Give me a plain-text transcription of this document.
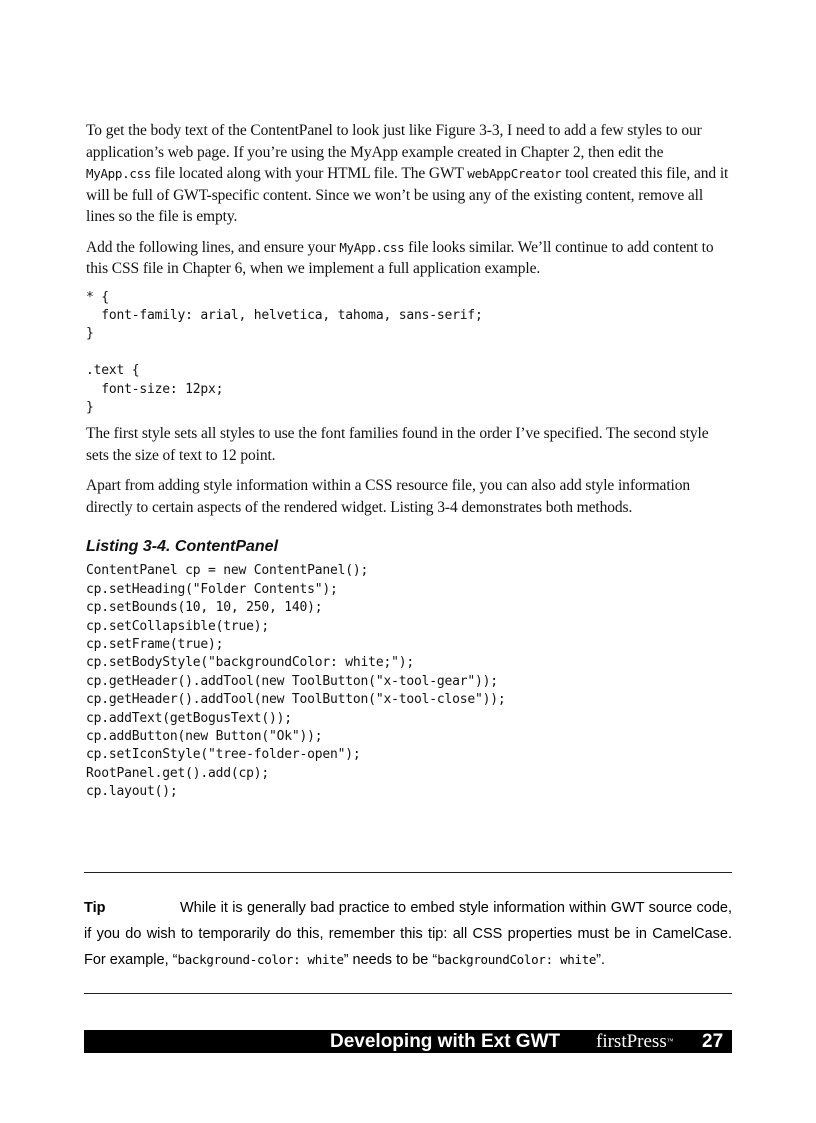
To get the body text of the ContentPanel to look just like Figure 3-3, I need to add a few styles to our application’s web page. If you’re using the MyApp example created in Chapter 2, then edit the MyApp.css file located along with your HTML file. The GWT webAppCreator tool created this file, and it will be full of GWT-specific content. Since we won’t be using any of the existing content, remove all lines so the file is empty.

Add the following lines, and ensure your MyApp.css file looks similar. We’ll continue to add content to this CSS file in Chapter 6, when we implement a full application example.

* {
font-family: arial, helvetica, tahoma, sans-serif;
}

.text {
font-size: 12px;
}

The first style sets all styles to use the font families found in the order I’ve specified. The second style sets the size of text to 12 point.

Apart from adding style information within a CSS resource file, you can also add style information directly to certain aspects of the rendered widget. Listing 3-4 demonstrates both methods.

Listing 3-4. ContentPanel
ContentPanel cp = new ContentPanel();
cp.setHeading("Folder Contents");
cp.setBounds(10, 10, 250, 140);
cp.setCollapsible(true);
cp.setFrame(true);
cp.setBodyStyle("backgroundColor: white;");
cp.getHeader().addTool(new ToolButton("x-tool-gear"));
cp.getHeader().addTool(new ToolButton("x-tool-close"));
cp.addText(getBogusText());
cp.addButton(new Button("Ok"));
cp.setIconStyle("tree-folder-open");
RootPanel.get().add(cp);
cp.layout();
Tip	While it is generally bad practice to embed style information within GWT source code, if you do wish to temporarily do this, remember this tip: all CSS properties must be in CamelCase. For example, “background-color: white” needs to be “backgroundColor: white”.
Developing with Ext GWT firstPress™ 27
